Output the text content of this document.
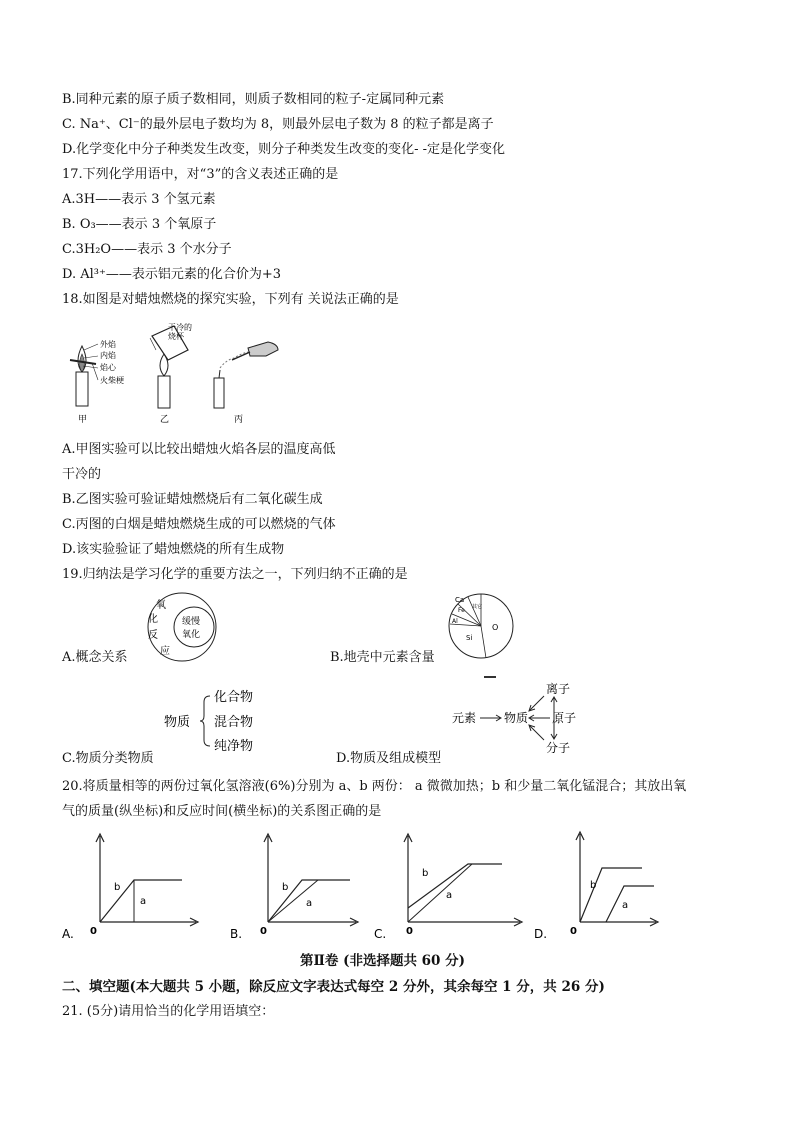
B.同种元素的原子质子数相同，则质子数相同的粒子-定属同种元素
C. Na⁺、Cl⁻的最外层电子数均为 8，则最外层电子数为 8 的粒子都是离子
D.化学变化中分子种类发生改变，则分子种类发生改变的变化- -定是化学变化
17.下列化学用语中，对“3”的含义表述正确的是
A.3H——表示 3 个氢元素
B. O₃——表示 3 个氧原子
C.3H₂O——表示 3 个水分子
D. Al³⁺——表示铝元素的化合价为+3
18.如图是对蜡烛燃烧的探究实验，下列有 关说法正确的是
外焰
内焰
焰心
火柴梗
甲
干冷的
烧杯
乙	丙
A.甲图实验可以比较出蜡烛火焰各层的温度高低
干冷的
B.乙图实验可验证蜡烛燃烧后有二氧化碳生成
C.丙图的白烟是蜡烛燃烧生成的可以燃烧的气体
D.该实验验证了蜡烛燃烧的所有生成物
19.归纳法是学习化学的重要方法之一，下列归纳不正确的是
氧
化
反
应
缓慢
氧化
Ca
Fe 其它
Al
Si
O
A.概念关系	B.地壳中元素含量
物质
化合物
混合物
纯净物
离子
元素 物质 原子
分子
C.物质分类物质	D.物质及组成模型
20.将质量相等的两份过氧化氢溶液(6%)分别为 a、b 两份： a 微微加热；b 和少量二氧化锰混合；其放出氧
气的质量(纵坐标)和反应时间(横坐标)的关系图正确的是
b
a
0
A.
b
a
0
B.
b
a
0
C.
b
a
0
D.
第Ⅱ卷 (非选择题共 60 分)
二、填空题(本大题共 5 小题，除反应文字表达式每空 2 分外，其余每空 1 分，共 26 分)
21. (5分)请用恰当的化学用语填空：
